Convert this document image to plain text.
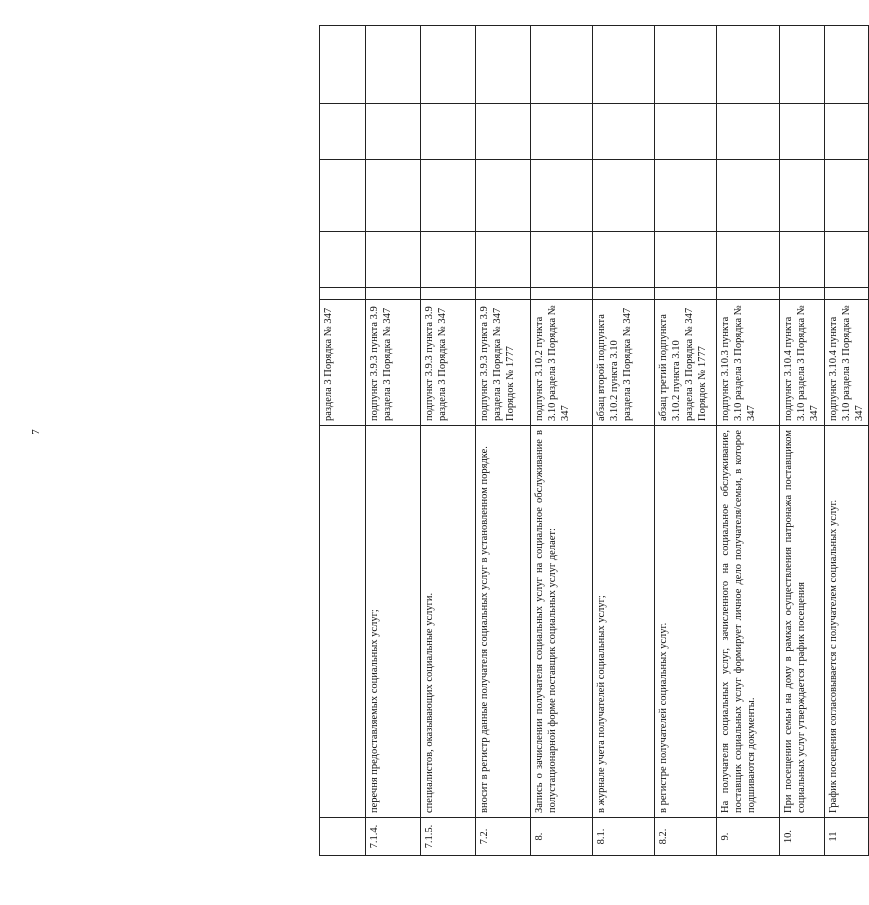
7
		раздела 3 Порядка № 347					
7.1.4.	перечня предоставляемых социальных услуг;	подпункт 3.9.3 пункта 3.9 раздела 3 Порядка № 347					
7.1.5.	специалистов, оказывающих социальные услуги.	подпункт 3.9.3 пункта 3.9 раздела 3 Порядка № 347					
7.2.	вносит в регистр данные получателя социальных услуг в установленном порядке.	подпункт 3.9.3 пункта 3.9 раздела 3 Порядка № 347 Порядок № 1777					
8.	Запись о зачислении получателя социальных услуг на социальное обслуживание в полустационарной форме поставщик социальных услуг делает:	подпункт 3.10.2 пункта 3.10 раздела 3 Порядка № 347					
8.1.	в журнале учета получателей социальных услуг;	абзац второй подпункта 3.10.2 пункта 3.10 раздела 3 Порядка № 347					
8.2.	в регистре получателей социальных услуг.	абзац третий подпункта 3.10.2 пункта 3.10 раздела 3 Порядка № 347 Порядок № 1777					
9.	На получателя социальных услуг, зачисленного на социальное обслуживание, поставщик социальных услуг формирует личное дело получателя/семьи, в которое подшиваются документы.	подпункт 3.10.3 пункта 3.10 раздела 3 Порядка № 347					
10.	При посещении семьи на дому в рамках осуществления патронажа поставщиком социальных услуг утверждается график посещения	подпункт 3.10.4 пункта 3.10 раздела 3 Порядка № 347					
11	График посещения согласовывается с получателем социальных услуг.	подпункт 3.10.4 пункта 3.10 раздела 3 Порядка № 347					
